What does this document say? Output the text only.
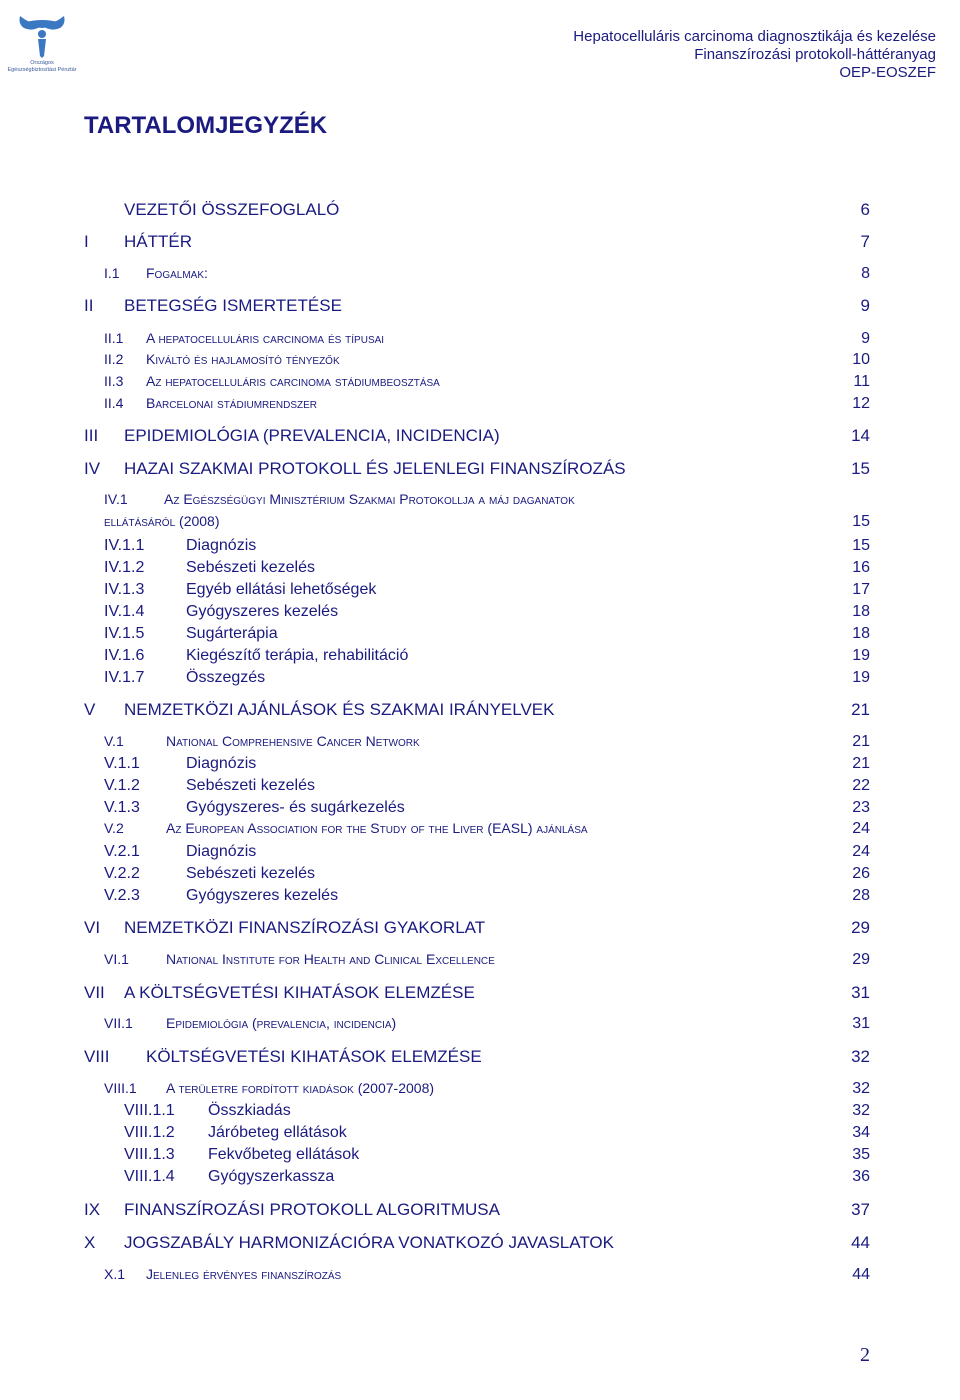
Országos Egészségbiztosítási Pénztár
Hepatocelluláris carcinoma diagnosztikája és kezelése
Finanszírozási protokoll-háttéranyag
OEP-EOSZEF
TARTALOMJEGYZÉK
VEZETŐI ÖSSZEFOGLALÓ	6
I	HÁTTÉR	7
I.1	Fogalmak:	8
II	BETEGSÉG ISMERTETÉSE	9
II.1	A hepatocelluláris carcinoma és típusai	9
II.2	Kiváltó és hajlamosító tényezők	10
II.3	Az hepatocelluláris carcinoma stádiumbeosztása	11
II.4	Barcelonai stádiumrendszer	12
III	EPIDEMIOLÓGIA (PREVALENCIA, INCIDENCIA)	14
IV	HAZAI SZAKMAI PROTOKOLL ÉS JELENLEGI FINANSZÍROZÁS	15
IV.1	Az Egészségügyi Minisztérium Szakmai Protokollja a máj daganatok
ellátásáról (2008)	15
IV.1.1	Diagnózis	15
IV.1.2	Sebészeti kezelés	16
IV.1.3	Egyéb ellátási lehetőségek	17
IV.1.4	Gyógyszeres kezelés	18
IV.1.5	Sugárterápia	18
IV.1.6	Kiegészítő terápia, rehabilitáció	19
IV.1.7	Összegzés	19
V	NEMZETKÖZI AJÁNLÁSOK ÉS SZAKMAI IRÁNYELVEK	21
V.1	National Comprehensive Cancer Network	21
V.1.1	Diagnózis	21
V.1.2	Sebészeti kezelés	22
V.1.3	Gyógyszeres- és sugárkezelés	23
V.2	Az European Association for the Study of the Liver (EASL) ajánlása	24
V.2.1	Diagnózis	24
V.2.2	Sebészeti kezelés	26
V.2.3	Gyógyszeres kezelés	28
VI	NEMZETKÖZI FINANSZÍROZÁSI GYAKORLAT	29
VI.1	National Institute for Health and Clinical Excellence	29
VII	A KÖLTSÉGVETÉSI KIHATÁSOK ELEMZÉSE	31
VII.1	Epidemiológia (prevalencia, incidencia)	31
VIII	KÖLTSÉGVETÉSI KIHATÁSOK ELEMZÉSE	32
VIII.1	A területre fordított kiadások (2007-2008)	32
VIII.1.1	Összkiadás	32
VIII.1.2	Járóbeteg ellátások	34
VIII.1.3	Fekvőbeteg ellátások	35
VIII.1.4	Gyógyszerkassza	36
IX	FINANSZÍROZÁSI PROTOKOLL ALGORITMUSA	37
X	JOGSZABÁLY HARMONIZÁCIÓRA VONATKOZÓ JAVASLATOK	44
X.1	Jelenleg érvényes finanszírozás	44
2
